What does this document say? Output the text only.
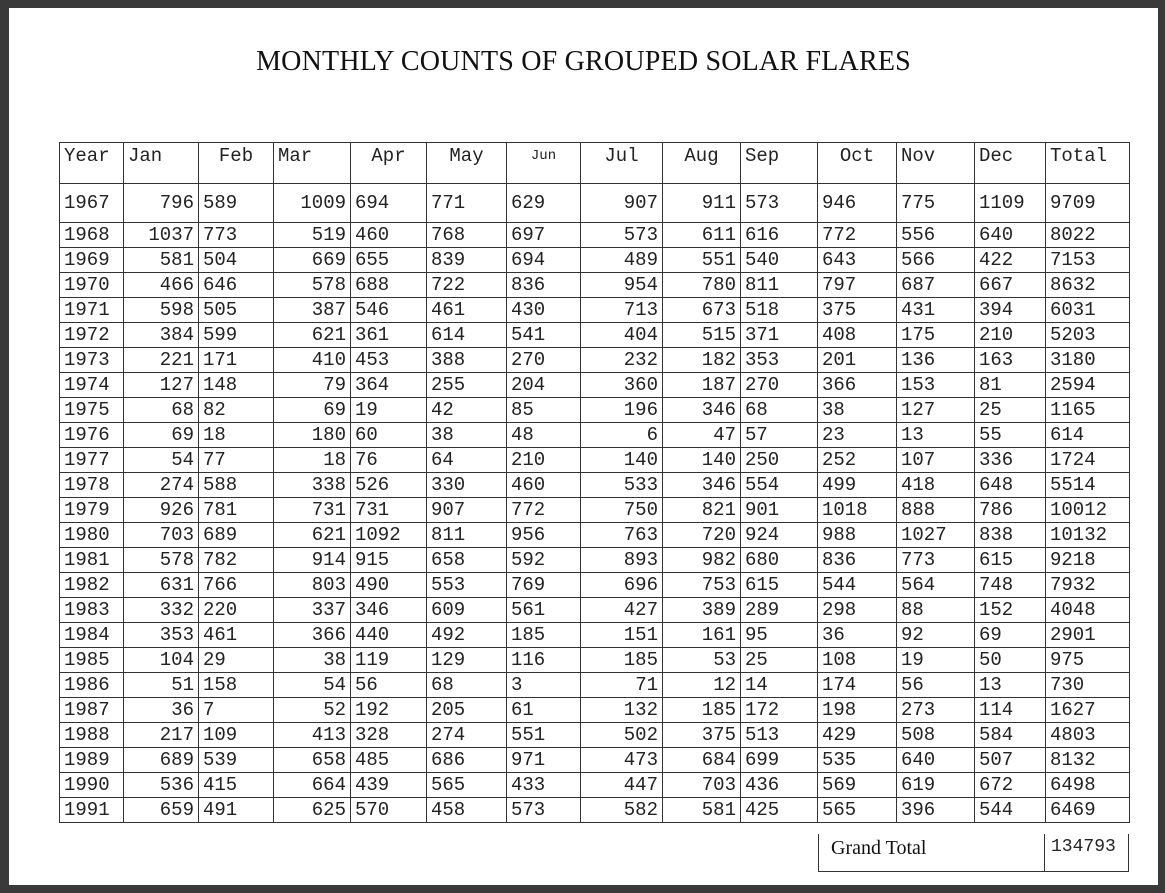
MONTHLY COUNTS OF GROUPED SOLAR FLARES
Year	Jan	Feb	Mar	Apr	May	Jun	Jul	Aug	Sep	Oct	Nov	Dec	Total
1967	796	589	1009	694	771	629	907	911	573	946	775	1109	9709
1968	1037	773	519	460	768	697	573	611	616	772	556	640	8022
1969	581	504	669	655	839	694	489	551	540	643	566	422	7153
1970	466	646	578	688	722	836	954	780	811	797	687	667	8632
1971	598	505	387	546	461	430	713	673	518	375	431	394	6031
1972	384	599	621	361	614	541	404	515	371	408	175	210	5203
1973	221	171	410	453	388	270	232	182	353	201	136	163	3180
1974	127	148	79	364	255	204	360	187	270	366	153	81	2594
1975	68	82	69	19	42	85	196	346	68	38	127	25	1165
1976	69	18	180	60	38	48	6	47	57	23	13	55	614
1977	54	77	18	76	64	210	140	140	250	252	107	336	1724
1978	274	588	338	526	330	460	533	346	554	499	418	648	5514
1979	926	781	731	731	907	772	750	821	901	1018	888	786	10012
1980	703	689	621	1092	811	956	763	720	924	988	1027	838	10132
1981	578	782	914	915	658	592	893	982	680	836	773	615	9218
1982	631	766	803	490	553	769	696	753	615	544	564	748	7932
1983	332	220	337	346	609	561	427	389	289	298	88	152	4048
1984	353	461	366	440	492	185	151	161	95	36	92	69	2901
1985	104	29	38	119	129	116	185	53	25	108	19	50	975
1986	51	158	54	56	68	3	71	12	14	174	56	13	730
1987	36	7	52	192	205	61	132	185	172	198	273	114	1627
1988	217	109	413	328	274	551	502	375	513	429	508	584	4803
1989	689	539	658	485	686	971	473	684	699	535	640	507	8132
1990	536	415	664	439	565	433	447	703	436	569	619	672	6498
1991	659	491	625	570	458	573	582	581	425	565	396	544	6469
Grand Total	134793
